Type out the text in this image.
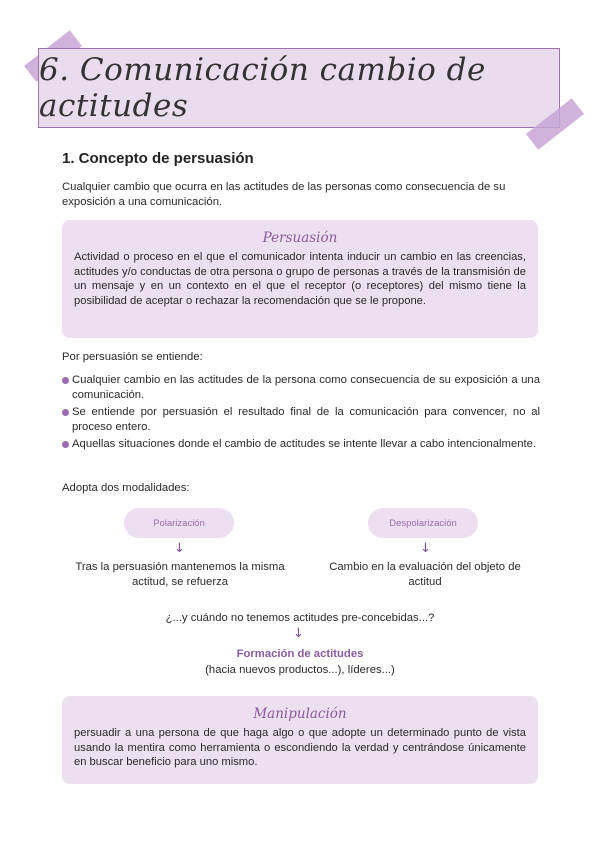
6. Comunicación cambio de actitudes
1. Concepto de persuasión
Cualquier cambio que ocurra en las actitudes de las personas como consecuencia de su exposición a una comunicación.
Persuasión
Actividad o proceso en el que el comunicador intenta inducir un cambio en las creencias, actitudes y/o conductas de otra persona o grupo de personas a través de la transmisión de un mensaje y en un contexto en el que el receptor (o receptores) del mismo tiene la posibilidad de aceptar o rechazar la recomendación que se le propone.
Por persuasión se entiende:
Cualquier cambio en las actitudes de la persona como consecuencia de su exposición a una comunicación.
Se entiende por persuasión el resultado final de la comunicación para convencer, no al proceso entero.
Aquellas situaciones donde el cambio de actitudes se intente llevar a cabo intencionalmente.
Adopta dos modalidades:
Polarización	Despolarización
↓	↓
Tras la persuasión mantenemos la misma actitud, se refuerza
Cambio en la evaluación del objeto de actitud
¿...y cuándo no tenemos actitudes pre-concebidas...?
↓
Formación de actitudes
(hacia nuevos productos...), líderes...)
Manipulación
persuadir a una persona de que haga algo o que adopte un determinado punto de vista usando la mentira como herramienta o escondiendo la verdad y centrándose únicamente en buscar beneficio para uno mismo.
